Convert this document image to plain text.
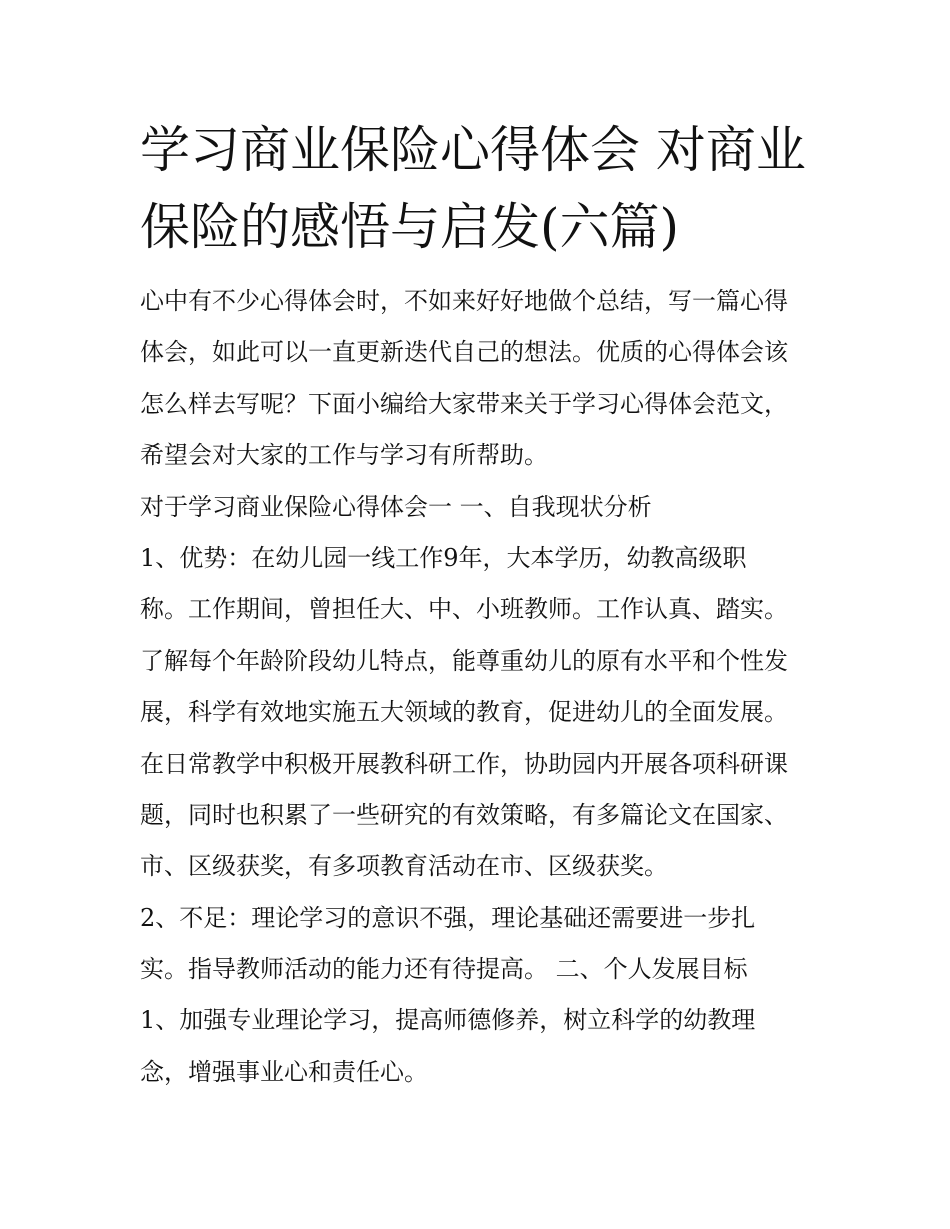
学习商业保险心得体会 对商业
保险的感悟与启发(六篇)
心中有不少心得体会时，不如来好好地做个总结，写一篇心得
体会，如此可以一直更新迭代自己的想法。优质的心得体会该
怎么样去写呢？下面小编给大家带来关于学习心得体会范文，
希望会对大家的工作与学习有所帮助。
对于学习商业保险心得体会一 一、自我现状分析
1、优势：在幼儿园一线工作9年，大本学历，幼教高级职
称。工作期间，曾担任大、中、小班教师。工作认真、踏实。
了解每个年龄阶段幼儿特点，能尊重幼儿的原有水平和个性发
展，科学有效地实施五大领域的教育，促进幼儿的全面发展。
在日常教学中积极开展教科研工作，协助园内开展各项科研课
题，同时也积累了一些研究的有效策略，有多篇论文在国家、
市、区级获奖，有多项教育活动在市、区级获奖。
2、不足：理论学习的意识不强，理论基础还需要进一步扎
实。指导教师活动的能力还有待提高。 二、个人发展目标
1、加强专业理论学习，提高师德修养，树立科学的幼教理
念，增强事业心和责任心。
